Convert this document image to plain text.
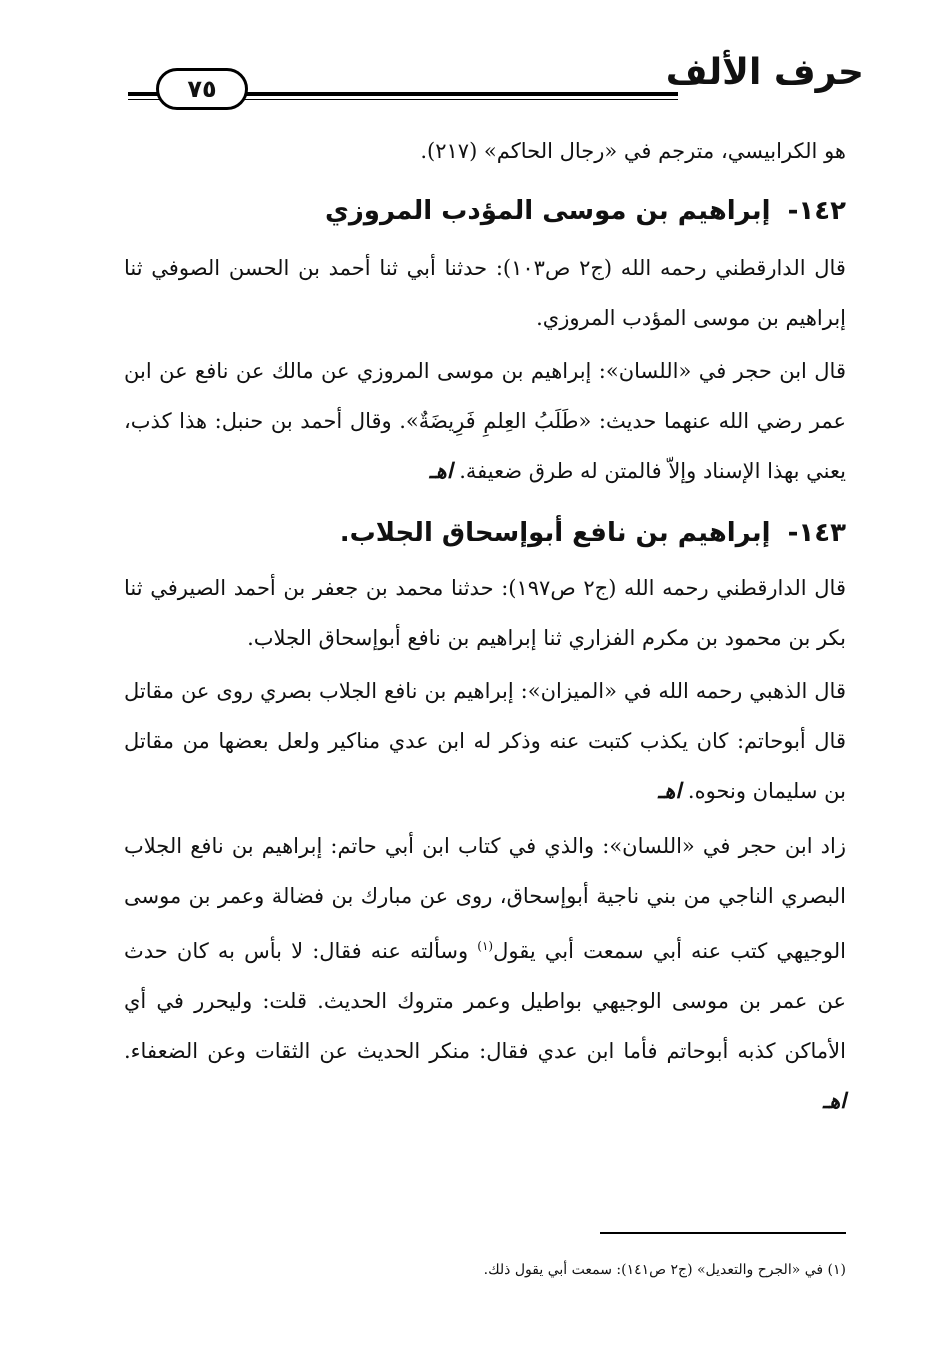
حرف الألف
٧٥

هو الكرابيسي، مترجم في «رجال الحاكم» (٢١٧).

١٤٢- إبراهيم بن موسى المؤدب المروزي

قال الدارقطني رحمه الله (ج٢ ص١٠٣): حدثنا أبي ثنا أحمد بن الحسن الصوفي ثنا إبراهيم بن موسى المؤدب المروزي.

قال ابن حجر في «اللسان»: إبراهيم بن موسى المروزي عن مالك عن نافع عن ابن عمر رضي الله عنهما حديث: «طَلَبُ العِلمِ فَرِيضَةٌ». وقال أحمد بن حنبل: هذا كذب، يعني بهذا الإسناد وإلاّ فالمتن له طرق ضعيفة. اهـ

١٤٣- إبراهيم بن نافع أبوإسحاق الجلاب.

قال الدارقطني رحمه الله (ج٢ ص١٩٧): حدثنا محمد بن جعفر بن أحمد الصيرفي ثنا بكر بن محمود بن مكرم الفزاري ثنا إبراهيم بن نافع أبوإسحاق الجلاب.

قال الذهبي رحمه الله في «الميزان»: إبراهيم بن نافع الجلاب بصري روى عن مقاتل قال أبوحاتم: كان يكذب كتبت عنه وذكر له ابن عدي مناكير ولعل بعضها من مقاتل بن سليمان ونحوه. اهـ

زاد ابن حجر في «اللسان»: والذي في كتاب ابن أبي حاتم: إبراهيم بن نافع الجلاب البصري الناجي من بني ناجية أبوإسحاق، روى عن مبارك بن فضالة وعمر بن موسى الوجيهي كتب عنه أبي سمعت أبي يقول$^{(١)}$ وسألته عنه فقال: لا بأس به كان حدث عن عمر بن موسى الوجيهي بواطيل وعمر متروك الحديث. قلت: وليحرر في أي الأماكن كذبه أبوحاتم فأما ابن عدي فقال: منكر الحديث عن الثقات وعن الضعفاء. اهـ

(١) في «الجرح والتعديل» (ج٢ ص١٤١): سمعت أبي يقول ذلك.
